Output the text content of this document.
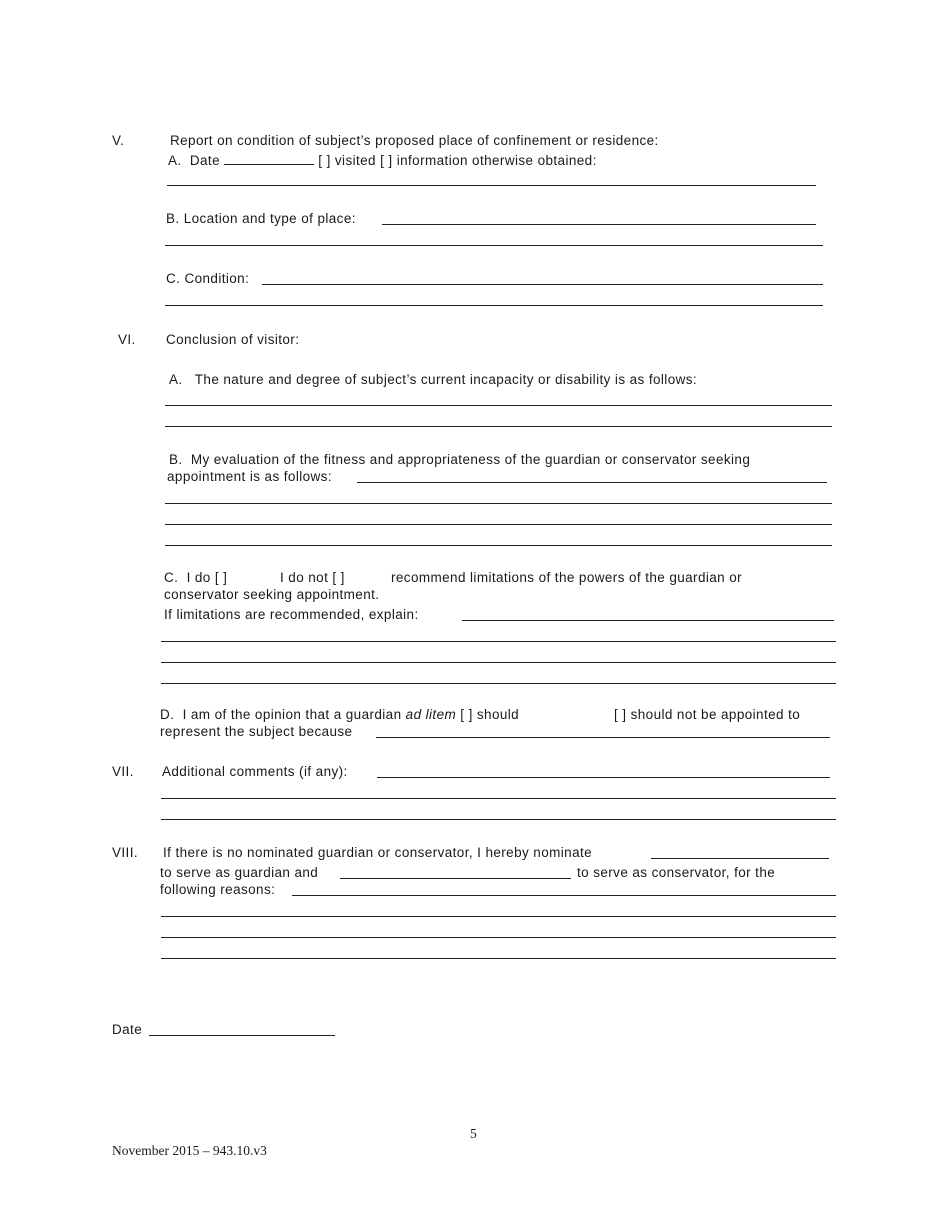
V.	Report on condition of subject’s proposed place of confinement or residence:
A.  Date	[ ] visited [ ] information otherwise obtained:
B. Location and type of place:
C. Condition:
VI. Conclusion of visitor:
A.   The nature and degree of subject’s current incapacity or disability is as follows:
B.  My evaluation of the fitness and appropriateness of the guardian or conservator seeking
appointment is as follows:
C.  I do [ ]	I do not [ ]	recommend limitations of the powers of the guardian or
conservator seeking appointment.
If limitations are recommended, explain:
D.  I am of the opinion that a guardian ad litem [ ] should	[ ] should not be appointed to
represent the subject because
VII. Additional comments (if any):
VIII. If there is no nominated guardian or conservator, I hereby nominate
to serve as guardian and	to serve as conservator, for the
following reasons:
Date
5
November 2015 – 943.10.v3
